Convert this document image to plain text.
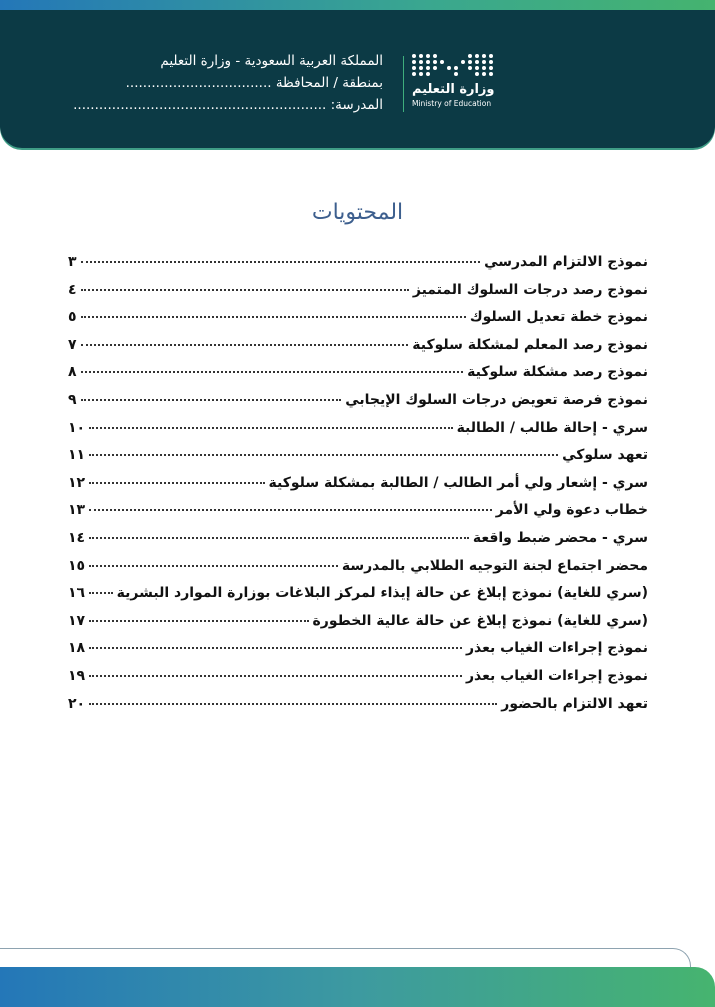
المملكة العربية السعودية - وزارة التعليم
بمنطقة / المحافظة ..................................
المدرسة: ...........................................................
وزارة التعليم
Ministry of Education
المحتويات
نموذج الالتزام المدرسي
٣
نموذج رصد درجات السلوك المتميز
٤
نموذج خطة تعديل السلوك
٥
نموذج رصد المعلم لمشكلة سلوكية
٧
نموذج رصد مشكلة سلوكية
٨
نموذج فرصة تعويض درجات السلوك الإيجابي
٩
سري - إحالة طالب / الطالبة
١٠
تعهد سلوكي
١١
سري - إشعار ولي أمر الطالب / الطالبة بمشكلة سلوكية
١٢
خطاب دعوة ولي الأمر
١٣
سري - محضر ضبط واقعة
١٤
محضر اجتماع لجنة التوجيه الطلابي بالمدرسة
١٥
(سري للغاية) نموذج إبلاغ عن حالة إيذاء لمركز البلاغات بوزارة الموارد البشرية
١٦
(سري للغاية) نموذج إبلاغ عن حالة عالية الخطورة
١٧
نموذج إجراءات الغياب بعذر
١٨
نموذج إجراءات الغياب بعذر
١٩
تعهد الالتزام بالحضور
٢٠
